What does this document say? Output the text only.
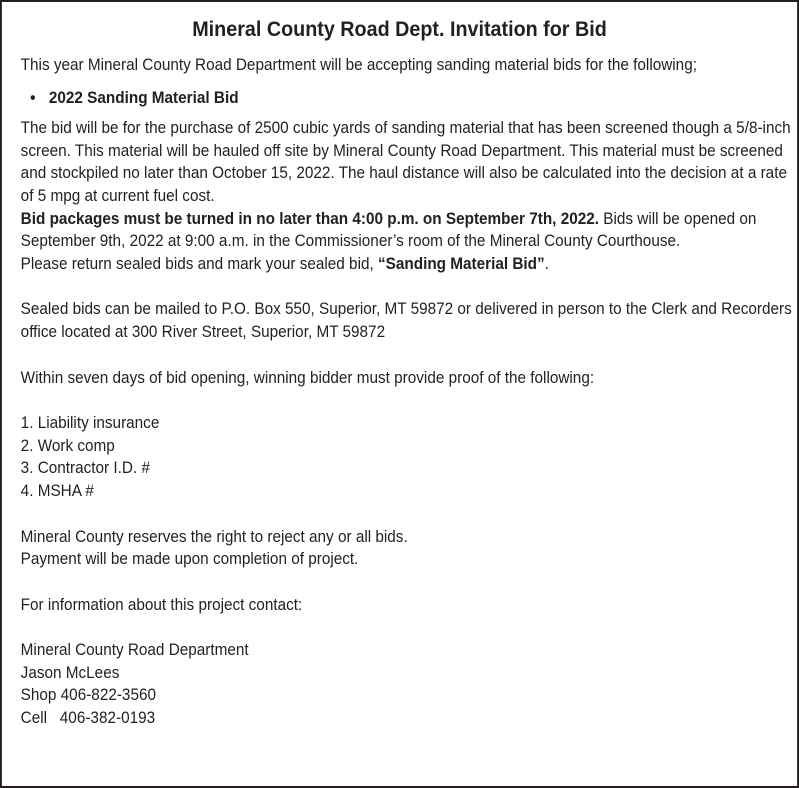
Mineral County Road Dept. Invitation for Bid
This year Mineral County Road Department will be accepting sanding material bids for the following;
• 2022 Sanding Material Bid
The bid will be for the purchase of 2500 cubic yards of sanding material that has been screened though a 5/8-inch screen. This material will be hauled off site by Mineral County Road Department. This material must be screened and stockpiled no later than October 15, 2022. The haul distance will also be calculated into the decision at a rate of 5 mpg at current fuel cost.
Bid packages must be turned in no later than 4:00 p.m. on September 7th, 2022. Bids will be opened on September 9th, 2022 at 9:00 a.m. in the Commissioner’s room of the Mineral County Courthouse.
Please return sealed bids and mark your sealed bid, “Sanding Material Bid”.
Sealed bids can be mailed to P.O. Box 550, Superior, MT 59872 or delivered in person to the Clerk and Recorders office located at 300 River Street, Superior, MT 59872
Within seven days of bid opening, winning bidder must provide proof of the following:
1. Liability insurance
2. Work comp
3. Contractor I.D. #
4. MSHA #
Mineral County reserves the right to reject any or all bids.
Payment will be made upon completion of project.
For information about this project contact:
Mineral County Road Department
Jason McLees
Shop 406-822-3560
Cell   406-382-0193
